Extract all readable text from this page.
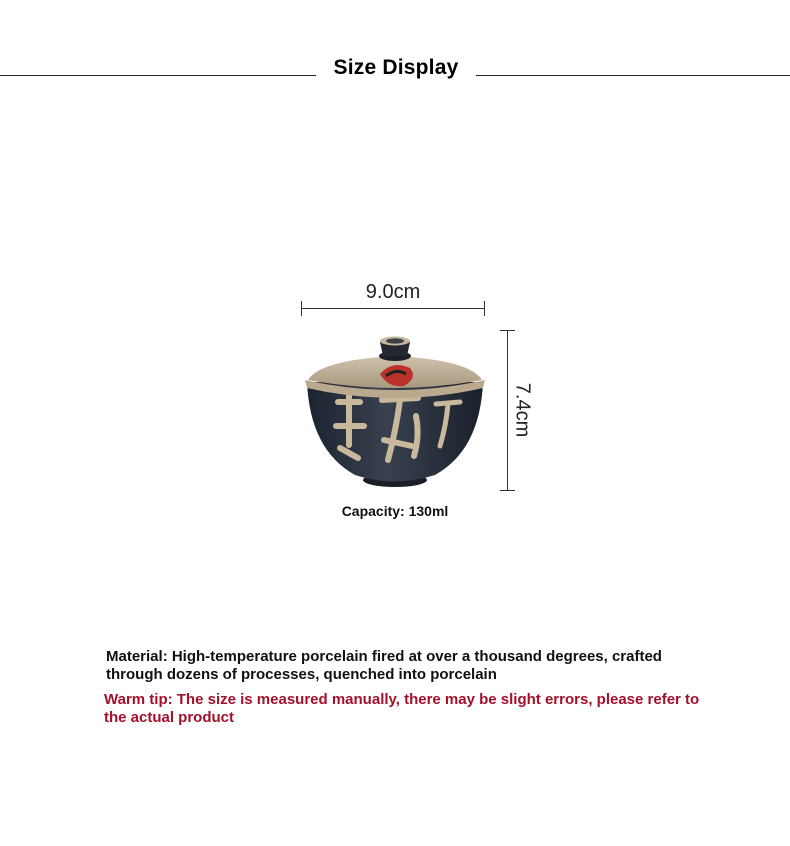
Size Display
9.0cm
7.4cm
Capacity: 130ml
Material: High-temperature porcelain fired at over a thousand degrees, crafted through dozens of processes, quenched into porcelain
Warm tip: The size is measured manually, there may be slight errors, please refer to the actual product
